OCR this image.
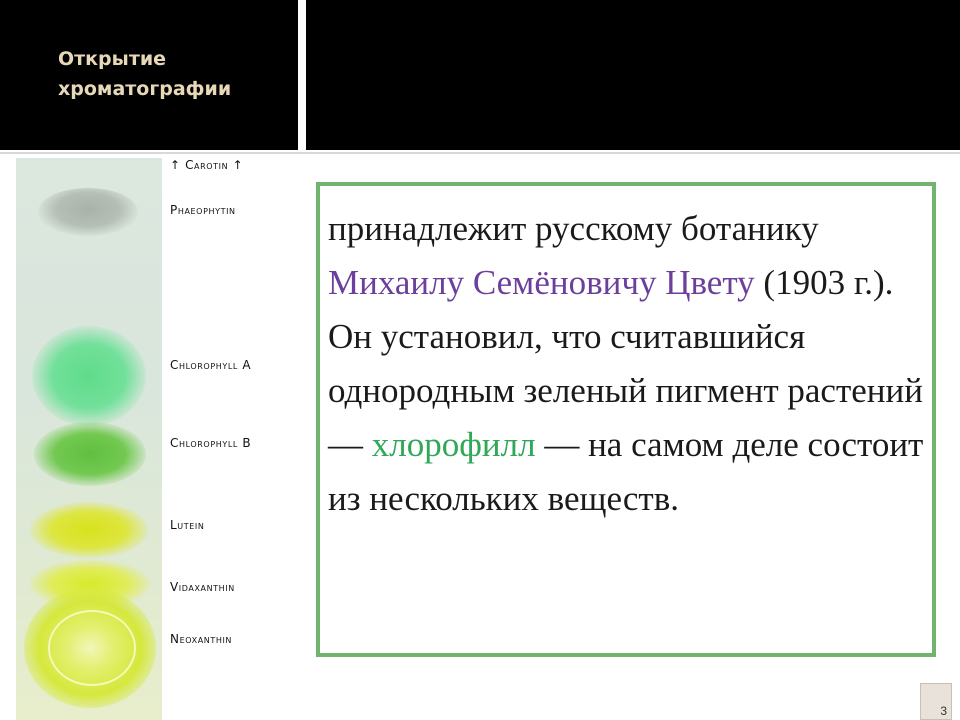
Открытие
хроматографии
↑ Carotin ↑
Phaeophytin
Chlorophyll A
Chlorophyll B
Lutein
Vidaxanthin
Neoxanthin
принадлежит русскому ботанику Михаилу Семёновичу Цвету (1903 г.). Он установил, что считавшийся однородным зеленый пигмент растений — хлорофилл — на самом деле состоит из нескольких веществ.
3
